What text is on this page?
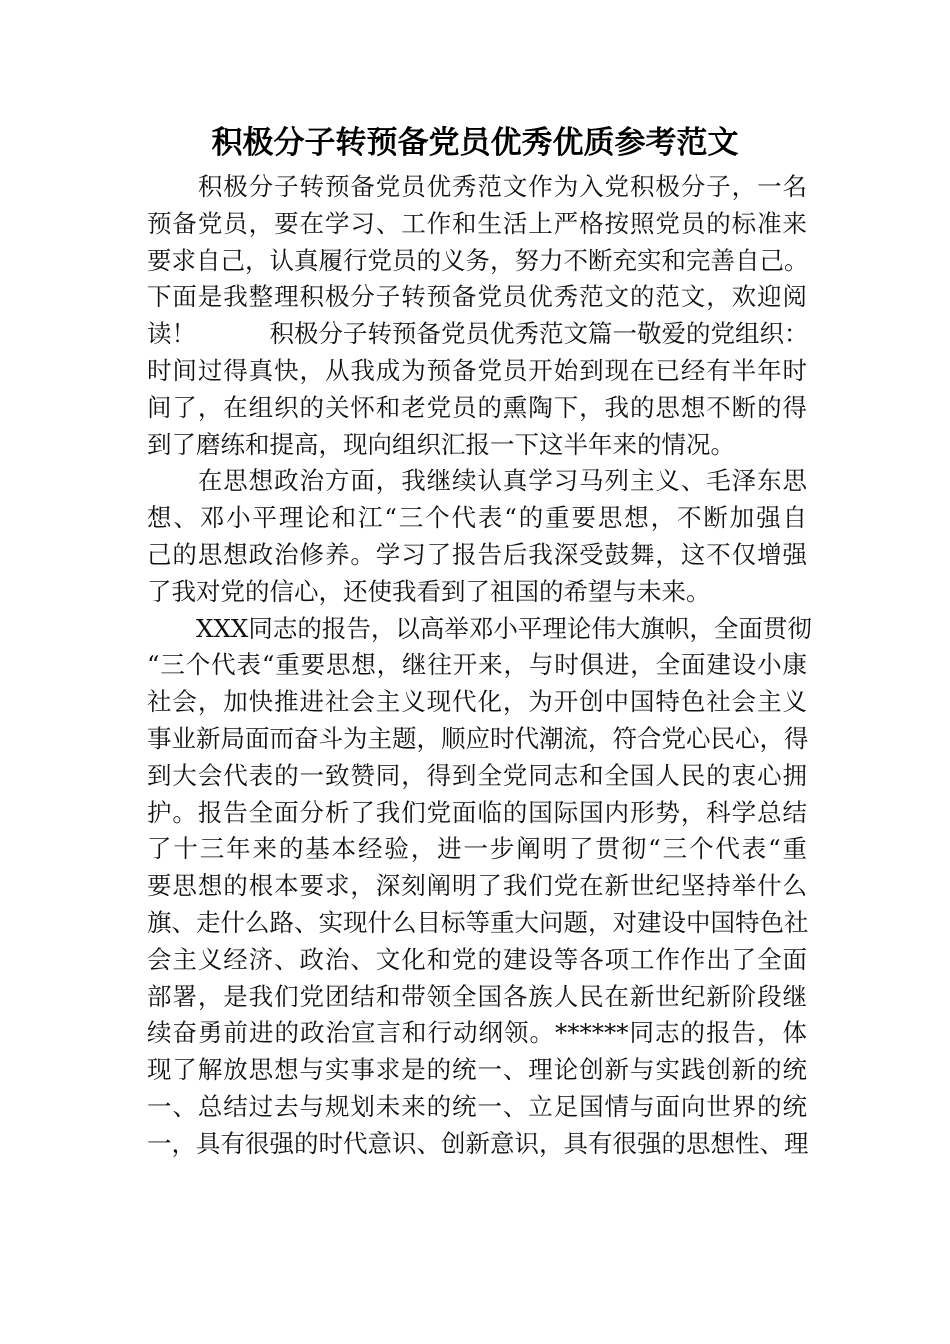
积极分子转预备党员优秀优质参考范文
　　积极分子转预备党员优秀范文作为入党积极分子，一名
预备党员，要在学习、工作和生活上严格按照党员的标准来
要求自己，认真履行党员的义务，努力不断充实和完善自己。
下面是我整理积极分子转预备党员优秀范文的范文，欢迎阅
读！　　　积极分子转预备党员优秀范文篇一敬爱的党组织：
时间过得真快，从我成为预备党员开始到现在已经有半年时
间了，在组织的关怀和老党员的熏陶下，我的思想不断的得
到了磨练和提高，现向组织汇报一下这半年来的情况。
　　在思想政治方面，我继续认真学习马列主义、毛泽东思
想、邓小平理论和江“三个代表“的重要思想，不断加强自
己的思想政治修养。学习了报告后我深受鼓舞，这不仅增强
了我对党的信心，还使我看到了祖国的希望与未来。
　　XXX同志的报告，以高举邓小平理论伟大旗帜，全面贯彻
“三个代表“重要思想，继往开来，与时俱进，全面建设小康
社会，加快推进社会主义现代化，为开创中国特色社会主义
事业新局面而奋斗为主题，顺应时代潮流，符合党心民心，得
到大会代表的一致赞同，得到全党同志和全国人民的衷心拥
护。报告全面分析了我们党面临的国际国内形势，科学总结
了十三年来的基本经验，进一步阐明了贯彻“三个代表“重
要思想的根本要求，深刻阐明了我们党在新世纪坚持举什么
旗、走什么路、实现什么目标等重大问题，对建设中国特色社
会主义经济、政治、文化和党的建设等各项工作作出了全面
部署，是我们党团结和带领全国各族人民在新世纪新阶段继
续奋勇前进的政治宣言和行动纲领。******同志的报告，体
现了解放思想与实事求是的统一、理论创新与实践创新的统
一、总结过去与规划未来的统一、立足国情与面向世界的统
一，具有很强的时代意识、创新意识，具有很强的思想性、理
